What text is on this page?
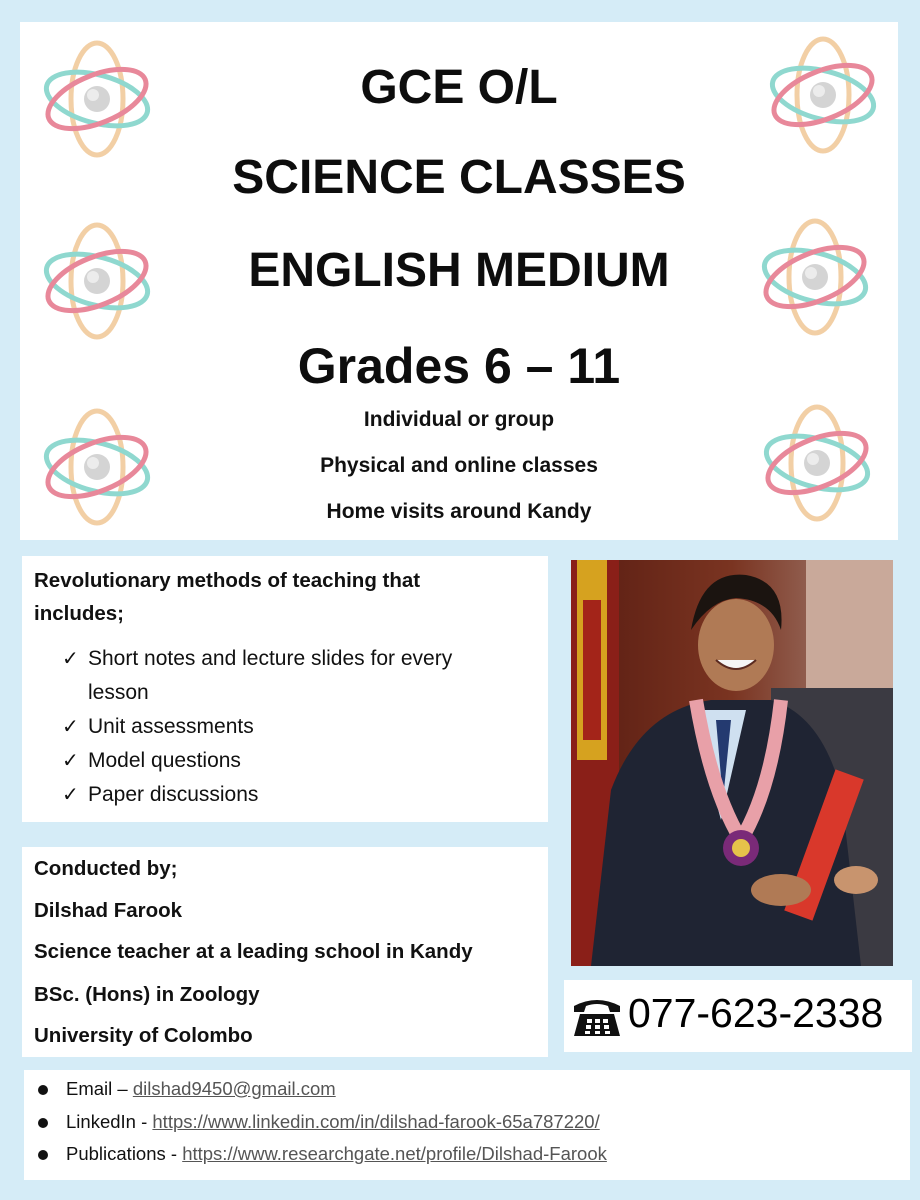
GCE O/L
SCIENCE CLASSES
ENGLISH MEDIUM
Grades 6 – 11
Individual or group
Physical and online classes
Home visits around Kandy
Revolutionary methods of teaching that
includes;
✓ Short notes and lecture slides for every
lesson
✓ Unit assessments
✓ Model questions
✓ Paper discussions
Conducted by;
Dilshad Farook
Science teacher at a leading school in Kandy
BSc. (Hons) in Zoology
University of Colombo	077-623-2338
Email – dilshad9450@gmail.com
LinkedIn - https://www.linkedin.com/in/dilshad-farook-65a787220/
Publications - https://www.researchgate.net/profile/Dilshad-Farook
